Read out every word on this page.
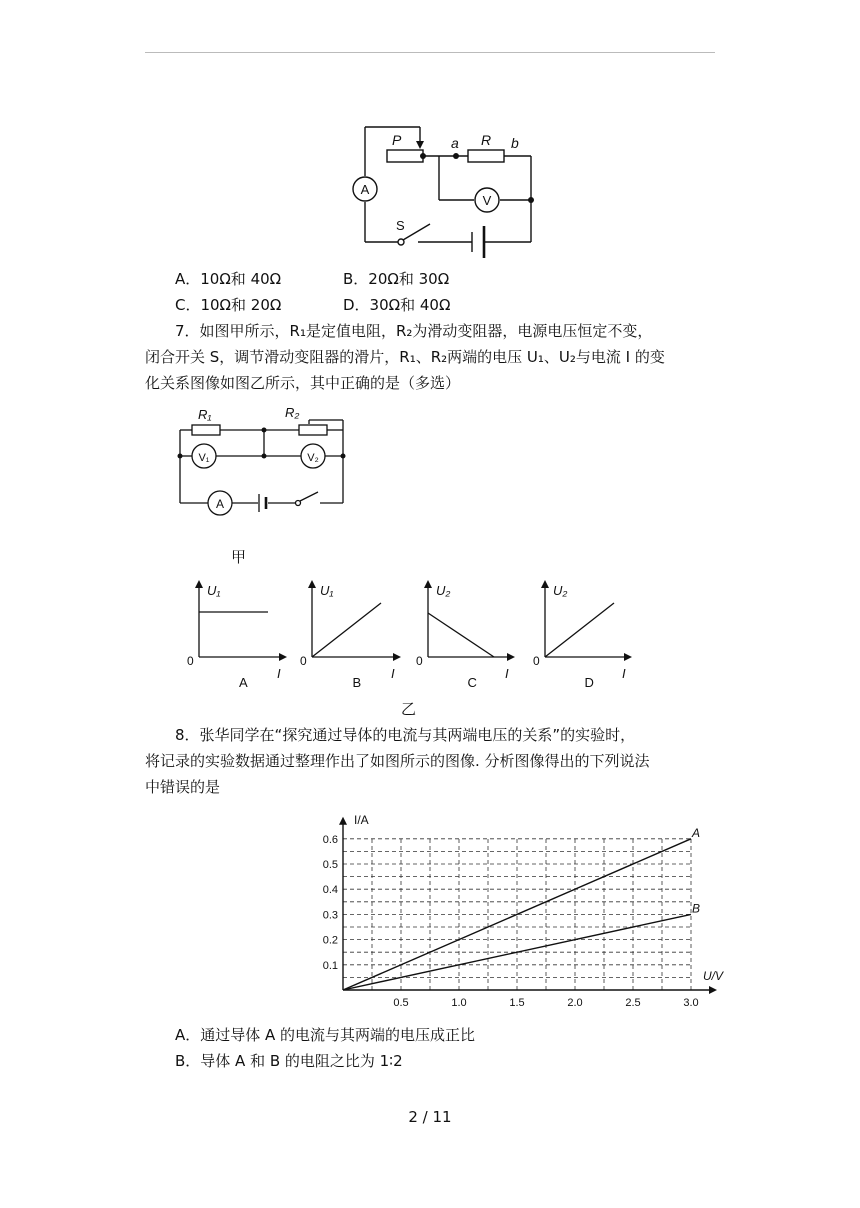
P	a R b
A
V
S
A．10Ω和 40Ω	B．20Ω和 30Ω
C．10Ω和 20Ω	D．30Ω和 40Ω
7．如图甲所示，R₁是定值电阻，R₂为滑动变阻器，电源电压恒定不变，
闭合开关 S，调节滑动变阻器的滑片，R₁、R₂两端的电压 U₁、U₂与电流 I 的变
化关系图像如图乙所示，其中正确的是（多选）
R₁	R₂
V₁	V₂
A
甲
U₁
0
I
A
U₁
0
I
B
U₂
0
I
C
U₂
0
I
D
乙
8．张华同学在“探究通过导体的电流与其两端电压的关系”的实验时，
将记录的实验数据通过整理作出了如图所示的图像. 分析图像得出的下列说法
中错误的是
I/A
U/V
0.5	1.0	1.5	2.0	2.5	3.0
0.1
0.2
0.3
0.4
0.5
0.6	A
B
A．通过导体 A 的电流与其两端的电压成正比
B．导体 A 和 B 的电阻之比为 1∶2
2 / 11
